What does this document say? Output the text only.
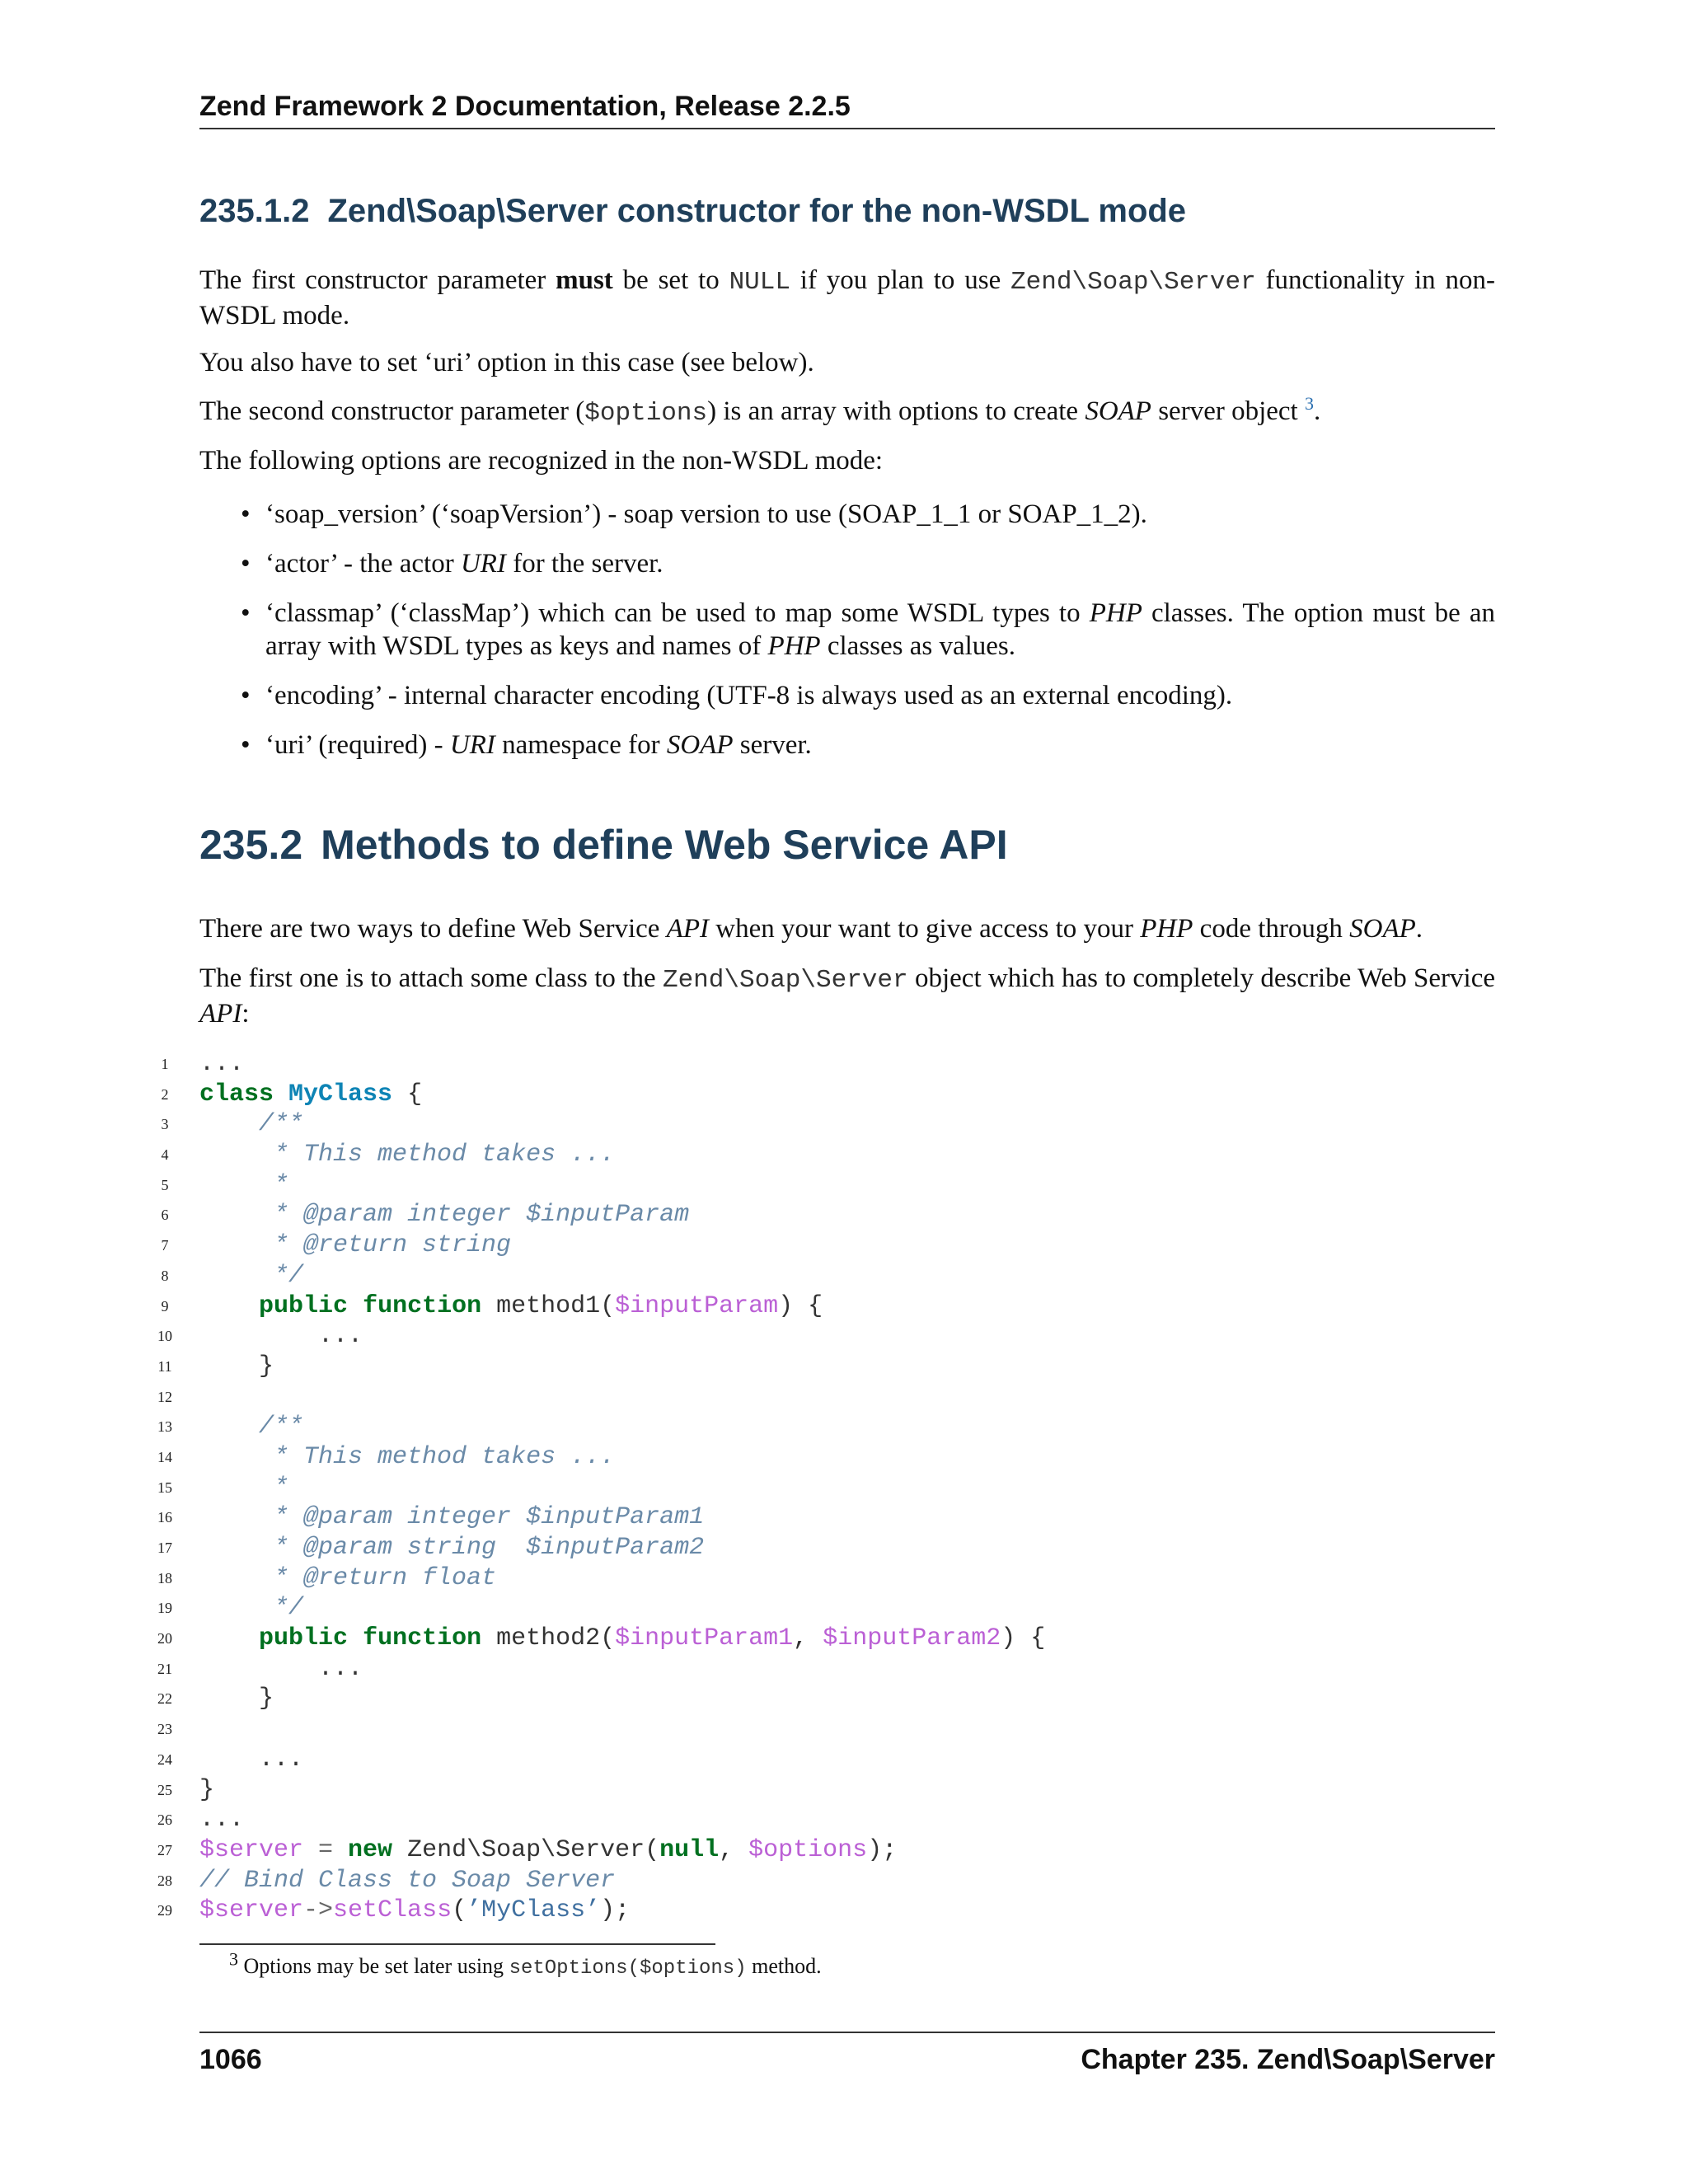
Zend Framework 2 Documentation, Release 2.2.5
235.1.2 Zend\Soap\Server constructor for the non-WSDL mode
The first constructor parameter must be set to NULL if you plan to use Zend\Soap\Server functionality in non-WSDL mode.
You also have to set ‘uri’ option in this case (see below).
The second constructor parameter ($options) is an array with options to create SOAP server object $^3$.
The following options are recognized in the non-WSDL mode:
• ‘soap_version’ (‘soapVersion’) - soap version to use (SOAP_1_1 or SOAP_1_2).
• ‘actor’ - the actor URI for the server.
• ‘classmap’ (‘classMap’) which can be used to map some WSDL types to PHP classes. The option must be an array with WSDL types as keys and names of PHP classes as values.
• ‘encoding’ - internal character encoding (UTF-8 is always used as an external encoding).
• ‘uri’ (required) - URI namespace for SOAP server.
235.2 Methods to define Web Service API
There are two ways to define Web Service API when your want to give access to your PHP code through SOAP.
The first one is to attach some class to the Zend\Soap\Server object which has to completely describe Web Service API:
1	...
2	class MyClass {
3	/**
4	* This method takes ...
5	*
6	* @param integer $inputParam
7	* @return string
8	*/
9	public function method1($inputParam) {
10	...
11	}
12
13	/**
14	* This method takes ...
15	*
16	* @param integer $inputParam1
17	* @param string  $inputParam2
18	* @return float
19	*/
20	public function method2($inputParam1, $inputParam2) {
21	...
22	}
23
24	...
25	}
26	...
27	$server = new Zend\Soap\Server(null, $options);
28	// Bind Class to Soap Server
29	$server->setClass(’MyClass’);
$^3$ Options may be set later using setOptions($options) method.
1066	Chapter 235. Zend\Soap\Server
